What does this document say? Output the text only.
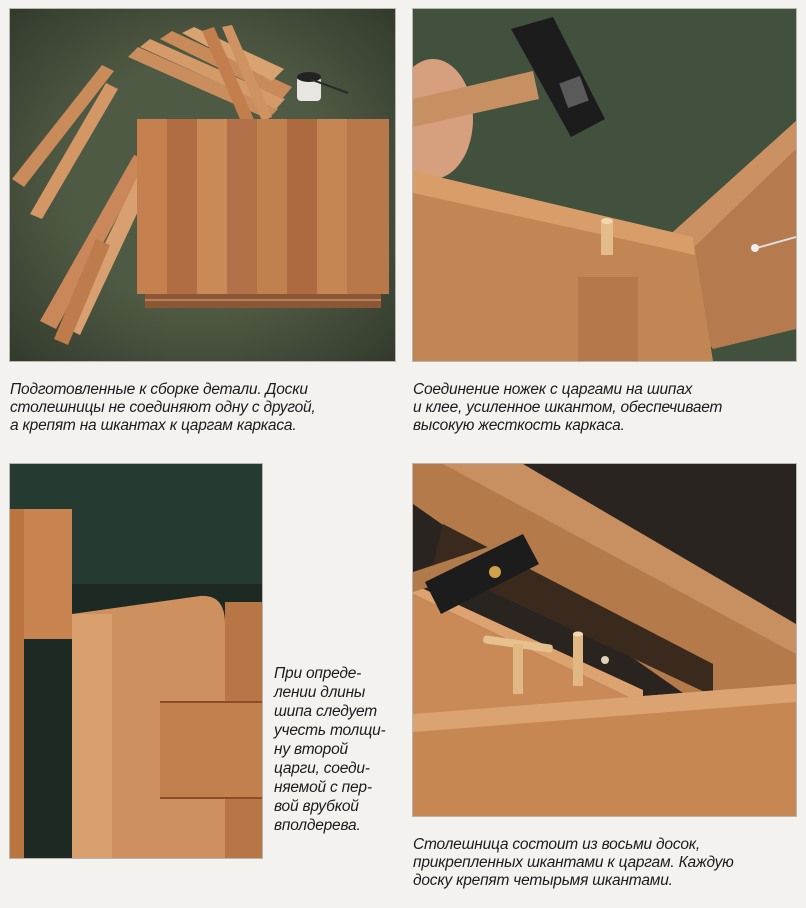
Подготовленные к сборке детали. Доски
столешницы не соединяют одну с другой,
а крепят на шкантах к царгам каркаса.

Соединение ножек с царгами на шипах
и клее, усиленное шкантом, обеспечивает
высокую жесткость каркаса.

При опреде-
лении длины
шипа следует
учесть толщи-
ну второй
царги, соеди-
няемой с пер-
вой врубкой
вполдерева.

Столешница состоит из восьми досок,
прикрепленных шкантами к царгам. Каждую
доску крепят четырьмя шкантами.
